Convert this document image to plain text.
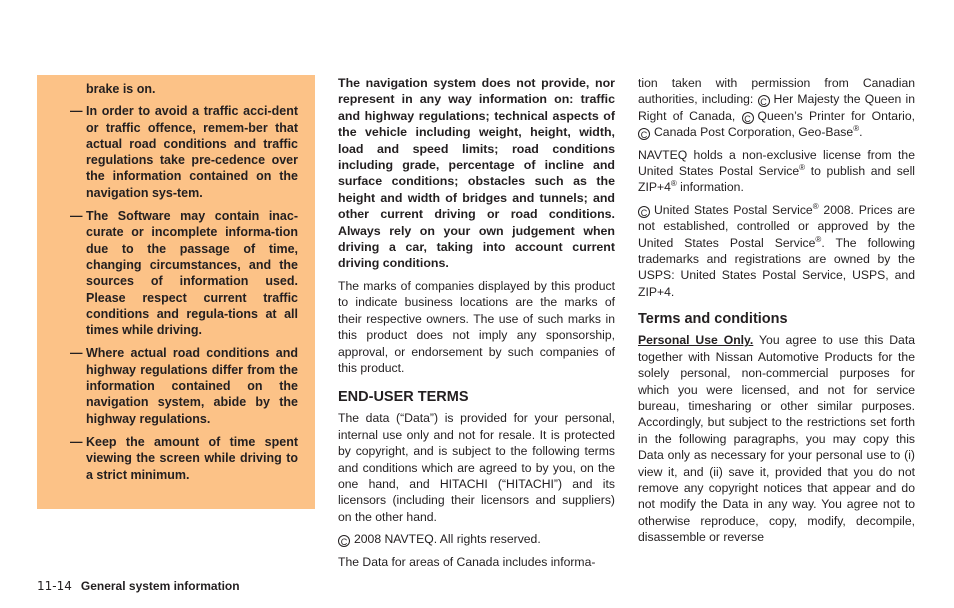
brake is on.

— In order to avoid a traffic acci-dent or traffic offence, remem-ber that actual road conditions and traffic regulations take pre-cedence over the information contained on the navigation sys-tem.

— The Software may contain inac-curate or incomplete informa-tion due to the passage of time, changing circumstances, and the sources of information used. Please respect current traffic conditions and regula-tions at all times while driving.

— Where actual road conditions and highway regulations differ from the information contained on the navigation system, abide by the highway regulations.

— Keep the amount of time spent viewing the screen while driving to a strict minimum.

The navigation system does not provide, nor represent in any way information on: traffic and highway regulations; technical aspects of the vehicle including weight, height, width, load and speed limits; road conditions including grade, percentage of incline and surface conditions; obstacles such as the height and width of bridges and tunnels; and other current driving or road conditions. Always rely on your own judgement when driving a car, taking into account current driving conditions.

The marks of companies displayed by this product to indicate business locations are the marks of their respective owners. The use of such marks in this product does not imply any sponsorship, approval, or endorsement by such companies of this product.

END-USER TERMS

The data (“Data”) is provided for your personal, internal use only and not for resale. It is protected by copyright, and is subject to the following terms and conditions which are agreed to by you, on the one hand, and HITACHI (“HITACHI”) and its licensors (including their licensors and suppliers) on the other hand.

C 2008 NAVTEQ. All rights reserved.

The Data for areas of Canada includes informa-

tion taken with permission from Canadian authorities, including: C Her Majesty the Queen in Right of Canada, C Queen’s Printer for Ontario, C Canada Post Corporation, Geo-Base®.

NAVTEQ holds a non-exclusive license from the United States Postal Service® to publish and sell ZIP+4® information.

C United States Postal Service® 2008. Prices are not established, controlled or approved by the United States Postal Service®. The following trademarks and registrations are owned by the USPS: United States Postal Service, USPS, and ZIP+4.

Terms and conditions

Personal Use Only. You agree to use this Data together with Nissan Automotive Products for the solely personal, non-commercial purposes for which you were licensed, and not for service bureau, timesharing or other similar purposes. Accordingly, but subject to the restrictions set forth in the following paragraphs, you may copy this Data only as necessary for your personal use to (i) view it, and (ii) save it, provided that you do not remove any copyright notices that appear and do not modify the Data in any way. You agree not to otherwise reproduce, copy, modify, decompile, disassemble or reverse

11-14 General system information
